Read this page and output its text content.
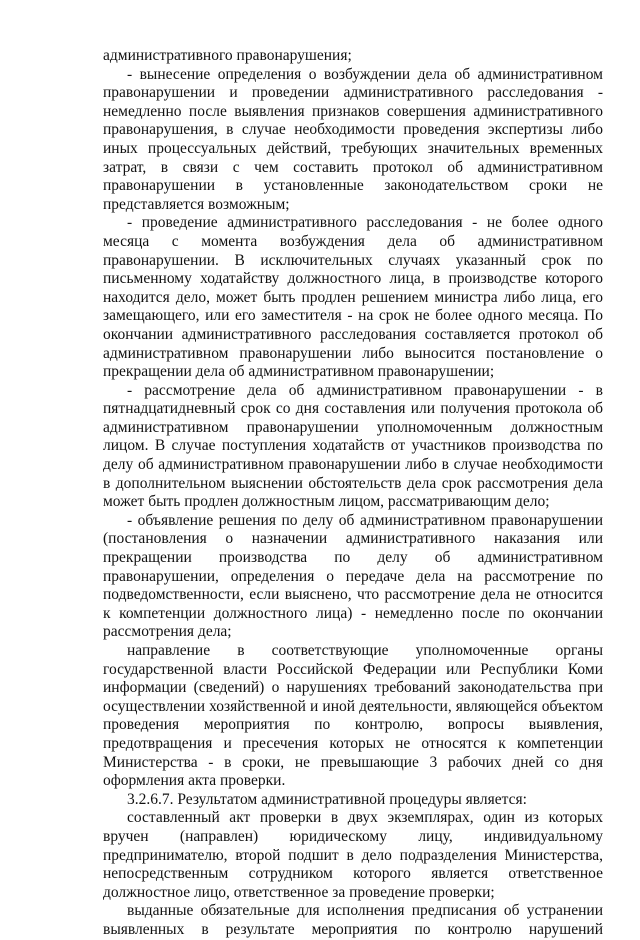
административного правонарушения;

- вынесение определения о возбуждении дела об административном правонарушении и проведении административного расследования - немедленно после выявления признаков совершения административного правонарушения, в случае необходимости проведения экспертизы либо иных процессуальных действий, требующих значительных временных затрат, в связи с чем составить протокол об административном правонарушении в установленные законодательством сроки не представляется возможным;

- проведение административного расследования - не более одного месяца с момента возбуждения дела об административном правонарушении. В исключительных случаях указанный срок по письменному ходатайству должностного лица, в производстве которого находится дело, может быть продлен решением министра либо лица, его замещающего, или его заместителя - на срок не более одного месяца. По окончании административного расследования составляется протокол об административном правонарушении либо выносится постановление о прекращении дела об административном правонарушении;

- рассмотрение дела об административном правонарушении - в пятнадцатидневный срок со дня составления или получения протокола об административном правонарушении уполномоченным должностным лицом. В случае поступления ходатайств от участников производства по делу об административном правонарушении либо в случае необходимости в дополнительном выяснении обстоятельств дела срок рассмотрения дела может быть продлен должностным лицом, рассматривающим дело;

- объявление решения по делу об административном правонарушении (постановления о назначении административного наказания или прекращении производства по делу об административном правонарушении, определения о передаче дела на рассмотрение по подведомственности, если выяснено, что рассмотрение дела не относится к компетенции должностного лица) - немедленно после по окончании рассмотрения дела;

направление в соответствующие уполномоченные органы государственной власти Российской Федерации или Республики Коми информации (сведений) о нарушениях требований законодательства при осуществлении хозяйственной и иной деятельности, являющейся объектом проведения мероприятия по контролю, вопросы выявления, предотвращения и пресечения которых не относятся к компетенции Министерства - в сроки, не превышающие 3 рабочих дней со дня оформления акта проверки.

3.2.6.7. Результатом административной процедуры является:

составленный акт проверки в двух экземплярах, один из которых вручен (направлен) юридическому лицу, индивидуальному предпринимателю, второй подшит в дело подразделения Министерства, непосредственным сотрудником которого является ответственное должностное лицо, ответственное за проведение проверки;

выданные обязательные для исполнения предписания об устранении выявленных в результате мероприятия по контролю нарушений
